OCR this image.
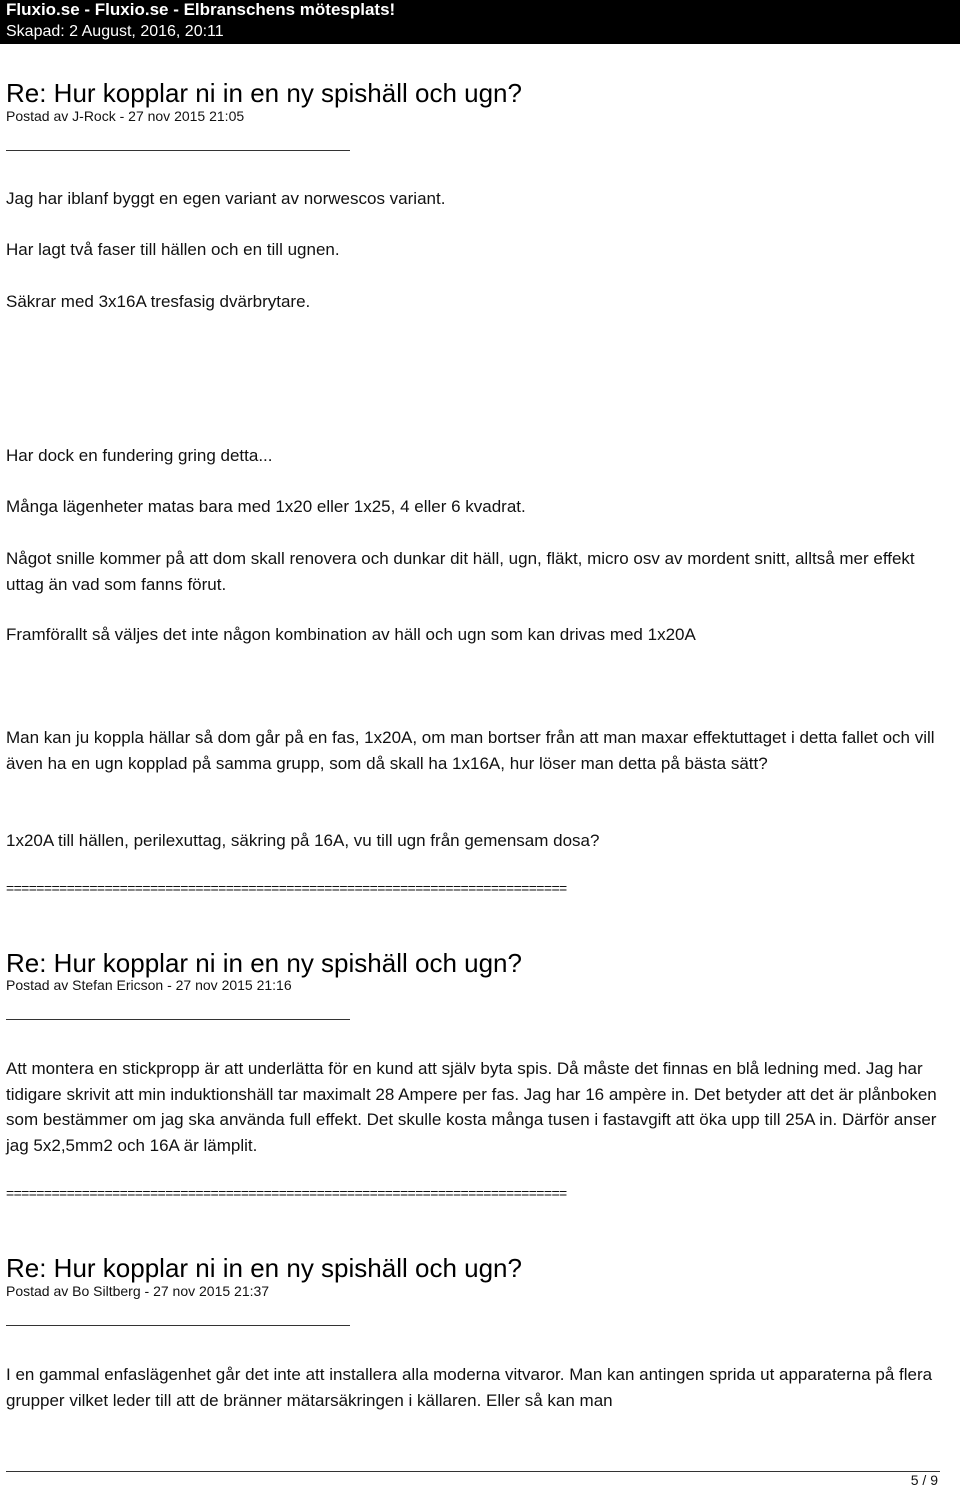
Fluxio.se - Fluxio.se - Elbranschens mötesplats!
Skapad: 2 August, 2016, 20:11
Re: Hur kopplar ni in en ny spishäll och ugn?
Postad av J-Rock - 27 nov 2015 21:05
Jag har iblanf byggt en egen variant av norwescos variant.
Har lagt två faser till hällen och en till ugnen.
Säkrar med 3x16A tresfasig dvärbrytare.
Har dock en fundering gring detta...
Många lägenheter matas bara med 1x20 eller 1x25, 4 eller 6 kvadrat.
Något snille kommer på att dom skall renovera och dunkar dit häll, ugn, fläkt, micro osv av mordent snitt, alltså mer effekt uttag än vad som fanns förut.
Framförallt så väljes det inte någon kombination av häll och ugn som kan drivas med 1x20A
Man kan ju koppla hällar så dom går på en fas, 1x20A, om man bortser från att man maxar effektuttaget i detta fallet och vill även ha en ugn kopplad på samma grupp, som då skall ha 1x16A, hur löser man detta på bästa sätt?
1x20A till hällen, perilexuttag, säkring på 16A, vu till ugn från gemensam dosa?
==========================================================================
Re: Hur kopplar ni in en ny spishäll och ugn?
Postad av Stefan Ericson - 27 nov 2015 21:16
Att montera en stickpropp är att underlätta för en kund att själv byta spis. Då måste det finnas en blå ledning med. Jag har tidigare skrivit att min induktionshäll tar maximalt 28 Ampere per fas. Jag har 16 ampère in. Det betyder att det är plånboken som bestämmer om jag ska använda full effekt. Det skulle kosta många tusen i fastavgift att öka upp till 25A in. Därför anser jag 5x2,5mm2 och 16A är lämplit.
==========================================================================
Re: Hur kopplar ni in en ny spishäll och ugn?
Postad av Bo Siltberg - 27 nov 2015 21:37
I en gammal enfaslägenhet går det inte att installera alla moderna vitvaror. Man kan antingen sprida ut apparaterna på flera grupper vilket leder till att de bränner mätarsäkringen i källaren. Eller så kan man
5 / 9
